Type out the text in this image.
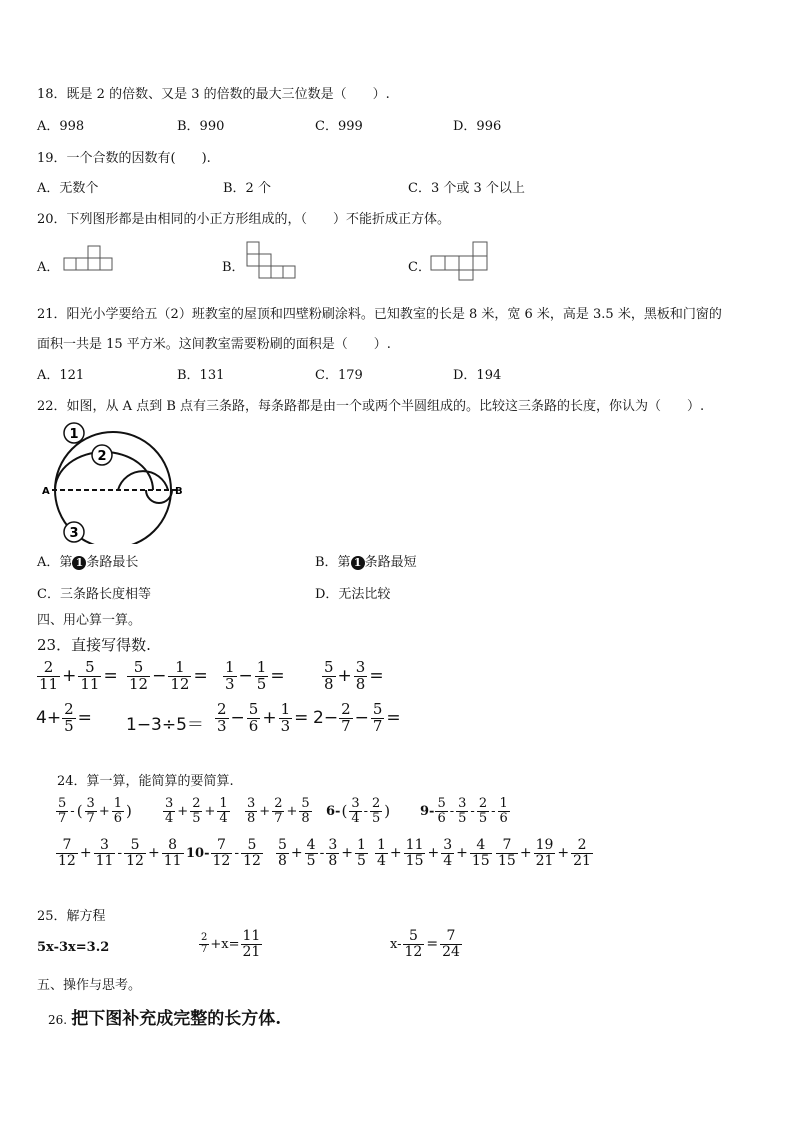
18．既是 2 的倍数、又是 3 的倍数的最大三位数是（　　）.
A．998	B．990	C．999	D．996
19．一个合数的因数有(　　).
A．无数个	B．2 个	C．3 个或 3 个以上
20．下列图形都是由相同的小正方形组成的，（　　）不能折成正方体。
A．	B．	C．
21．阳光小学要给五（2）班教室的屋顶和四壁粉刷涂料。已知教室的长是 8 米，宽 6 米，高是 3.5 米，黑板和门窗的
面积一共是 15 平方米。这间教室需要粉刷的面积是（　　）.
A．121	B．131	C．179	D．194
22．如图，从 A 点到 B 点有三条路，每条路都是由一个或两个半圆组成的。比较这三条路的长度，你认为（　　）.
1
2
3
A	B
A．第 1 条路最长	B．第 1 条路最短
C．三条路长度相等	D．无法比较
四、用心算一算。
23．直接写得数.
$\frac{2}{11} + \frac{5}{11} = \frac{5}{12} - \frac{1}{12} = \frac{1}{3} - \frac{1}{5} = \frac{5}{8} + \frac{3}{8}$ =
$4+ \frac{2}{5} = 1-3\div 5= \frac{2}{3} - \frac{5}{6} + \frac{1}{3} = 2- \frac{2}{7} - \frac{5}{7}$ =
24．算一算，能简算的要简算.
$\frac{5}{7}$ - ( $\frac{3}{7} + \frac{1}{6}$ ) $\frac{3}{4} + \frac{2}{5} + \frac{1}{4} \frac{3}{8} + \frac{2}{7} + \frac{5}{8} 6-$ ( $\frac{3}{4} - \frac{2}{5}$ ) $9- \frac{5}{6} - \frac{3}{5} - \frac{2}{5} - \frac{1}{6}$
$\frac{7}{12} + \frac{3}{11} - \frac{5}{12} + \frac{8}{11} 10- \frac{7}{12} - \frac{5}{12} \frac{5}{8} + \frac{4}{5} - \frac{3}{8} + \frac{1}{5} \frac{1}{4} + \frac{11}{15} + \frac{3}{4} + \frac{4}{15} \frac{7}{15} + \frac{19}{21} + \frac{2}{21}$
25．解方程
5x-3x=3.2	$\frac{2}{7} +x= \frac{11}{21}$	$x- \frac{5}{12} = \frac{7}{24}$
五、操作与思考。
26. 把下图补充成完整的长方体.
